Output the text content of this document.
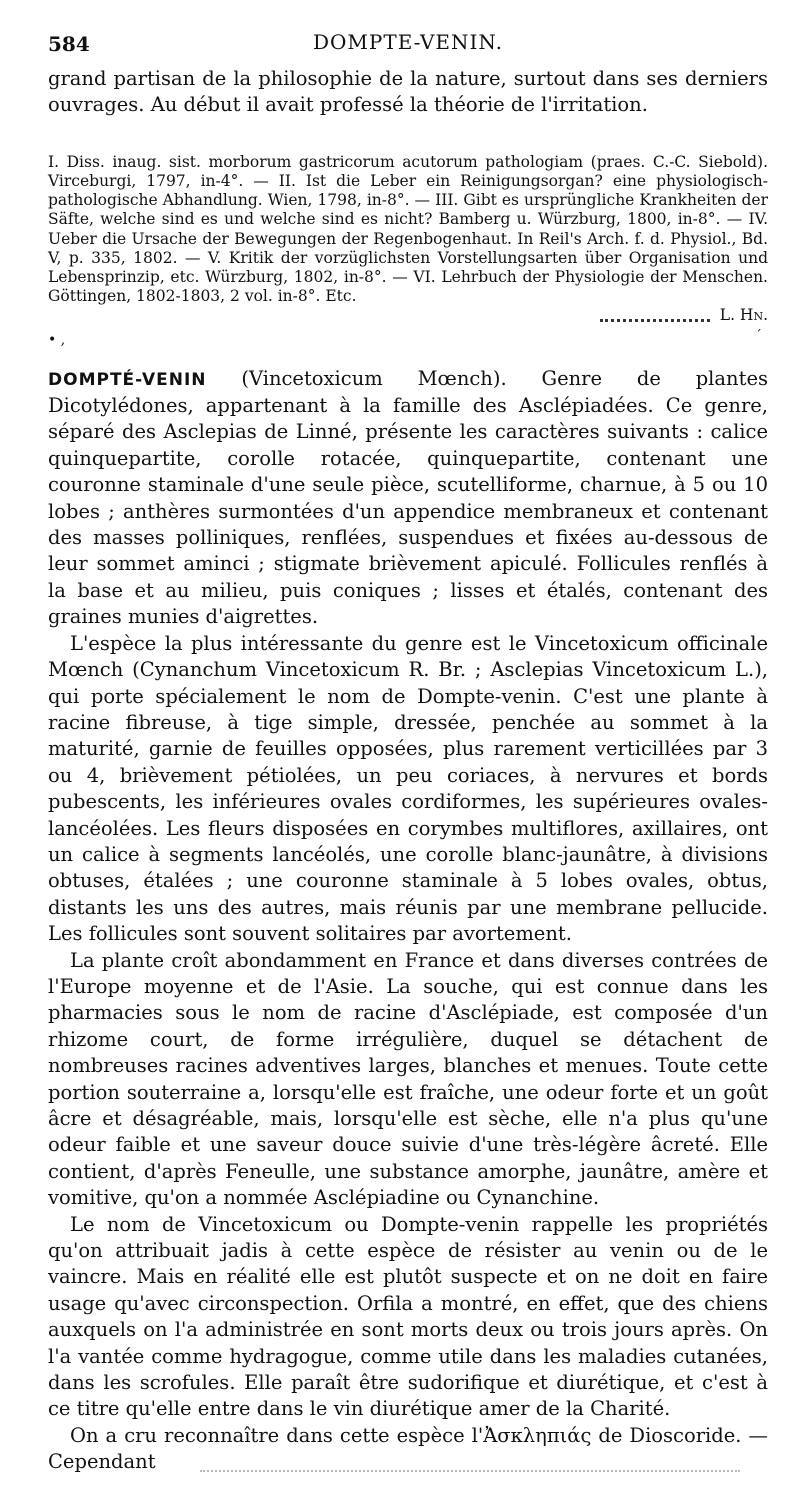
584	DOMPTE-VENIN.

grand partisan de la philosophie de la nature, surtout dans ses derniers ouvrages. Au début il avait professé la théorie de l'irritation.

I. Diss. inaug. sist. morborum gastricorum acutorum pathologiam (praes. C.-C. Siebold). Virceburgi, 1797, in-4°. — II. Ist die Leber ein Reinigungsorgan? eine physiologisch-pathologische Abhandlung. Wien, 1798, in-8°. — III. Gibt es ursprüngliche Krankheiten der Säfte, welche sind es und welche sind es nicht? Bamberg u. Würzburg, 1800, in-8°. — IV. Ueber die Ursache der Bewegungen der Regenbogenhaut. In Reil's Arch. f. d. Physiol., Bd. V, p. 335, 1802. — V. Kritik der vorzüglichsten Vorstellungsarten über Organisation und Lebensprinzip, etc. Würzburg, 1802, in-8°. — VI. Lehrbuch der Physiologie der Menschen. Göttingen, 1802-1803, 2 vol. in-8°. Etc.

L. Hn.
• ,	ˊ

DOMPTÉ-VENIN (Vincetoxicum Mœnch). Genre de plantes Dicotylédones, appartenant à la famille des Asclépiadées. Ce genre, séparé des Asclepias de Linné, présente les caractères suivants : calice quinquepartite, corolle rotacée, quinquepartite, contenant une couronne staminale d'une seule pièce, scutelliforme, charnue, à 5 ou 10 lobes ; anthères surmontées d'un appendice membraneux et contenant des masses polliniques, renflées, suspendues et fixées au-dessous de leur sommet aminci ; stigmate brièvement apiculé. Follicules renflés à la base et au milieu, puis coniques ; lisses et étalés, contenant des graines munies d'aigrettes.

L'espèce la plus intéressante du genre est le Vincetoxicum officinale Mœnch (Cynanchum Vincetoxicum R. Br. ; Asclepias Vincetoxicum L.), qui porte spécialement le nom de Dompte-venin. C'est une plante à racine fibreuse, à tige simple, dressée, penchée au sommet à la maturité, garnie de feuilles opposées, plus rarement verticillées par 3 ou 4, brièvement pétiolées, un peu coriaces, à nervures et bords pubescents, les inférieures ovales cordiformes, les supérieures ovales-lancéolées. Les fleurs disposées en corymbes multiflores, axillaires, ont un calice à segments lancéolés, une corolle blanc-jaunâtre, à divisions obtuses, étalées ; une couronne staminale à 5 lobes ovales, obtus, distants les uns des autres, mais réunis par une membrane pellucide. Les follicules sont souvent solitaires par avortement.

La plante croît abondamment en France et dans diverses contrées de l'Europe moyenne et de l'Asie. La souche, qui est connue dans les pharmacies sous le nom de racine d'Asclépiade, est composée d'un rhizome court, de forme irrégulière, duquel se détachent de nombreuses racines adventives larges, blanches et menues. Toute cette portion souterraine a, lorsqu'elle est fraîche, une odeur forte et un goût âcre et désagréable, mais, lorsqu'elle est sèche, elle n'a plus qu'une odeur faible et une saveur douce suivie d'une très-légère âcreté. Elle contient, d'après Feneulle, une substance amorphe, jaunâtre, amère et vomitive, qu'on a nommée Asclépiadine ou Cynanchine.

Le nom de Vincetoxicum ou Dompte-venin rappelle les propriétés qu'on attribuait jadis à cette espèce de résister au venin ou de le vaincre. Mais en réalité elle est plutôt suspecte et on ne doit en faire usage qu'avec circonspection. Orfila a montré, en effet, que des chiens auxquels on l'a administrée en sont morts deux ou trois jours après. On l'a vantée comme hydragogue, comme utile dans les maladies cutanées, dans les scrofules. Elle paraît être sudorifique et diurétique, et c'est à ce titre qu'elle entre dans le vin diurétique amer de la Charité.

On a cru reconnaître dans cette espèce l'Ἀσκληπιάς de Dioscoride. — Cependant
